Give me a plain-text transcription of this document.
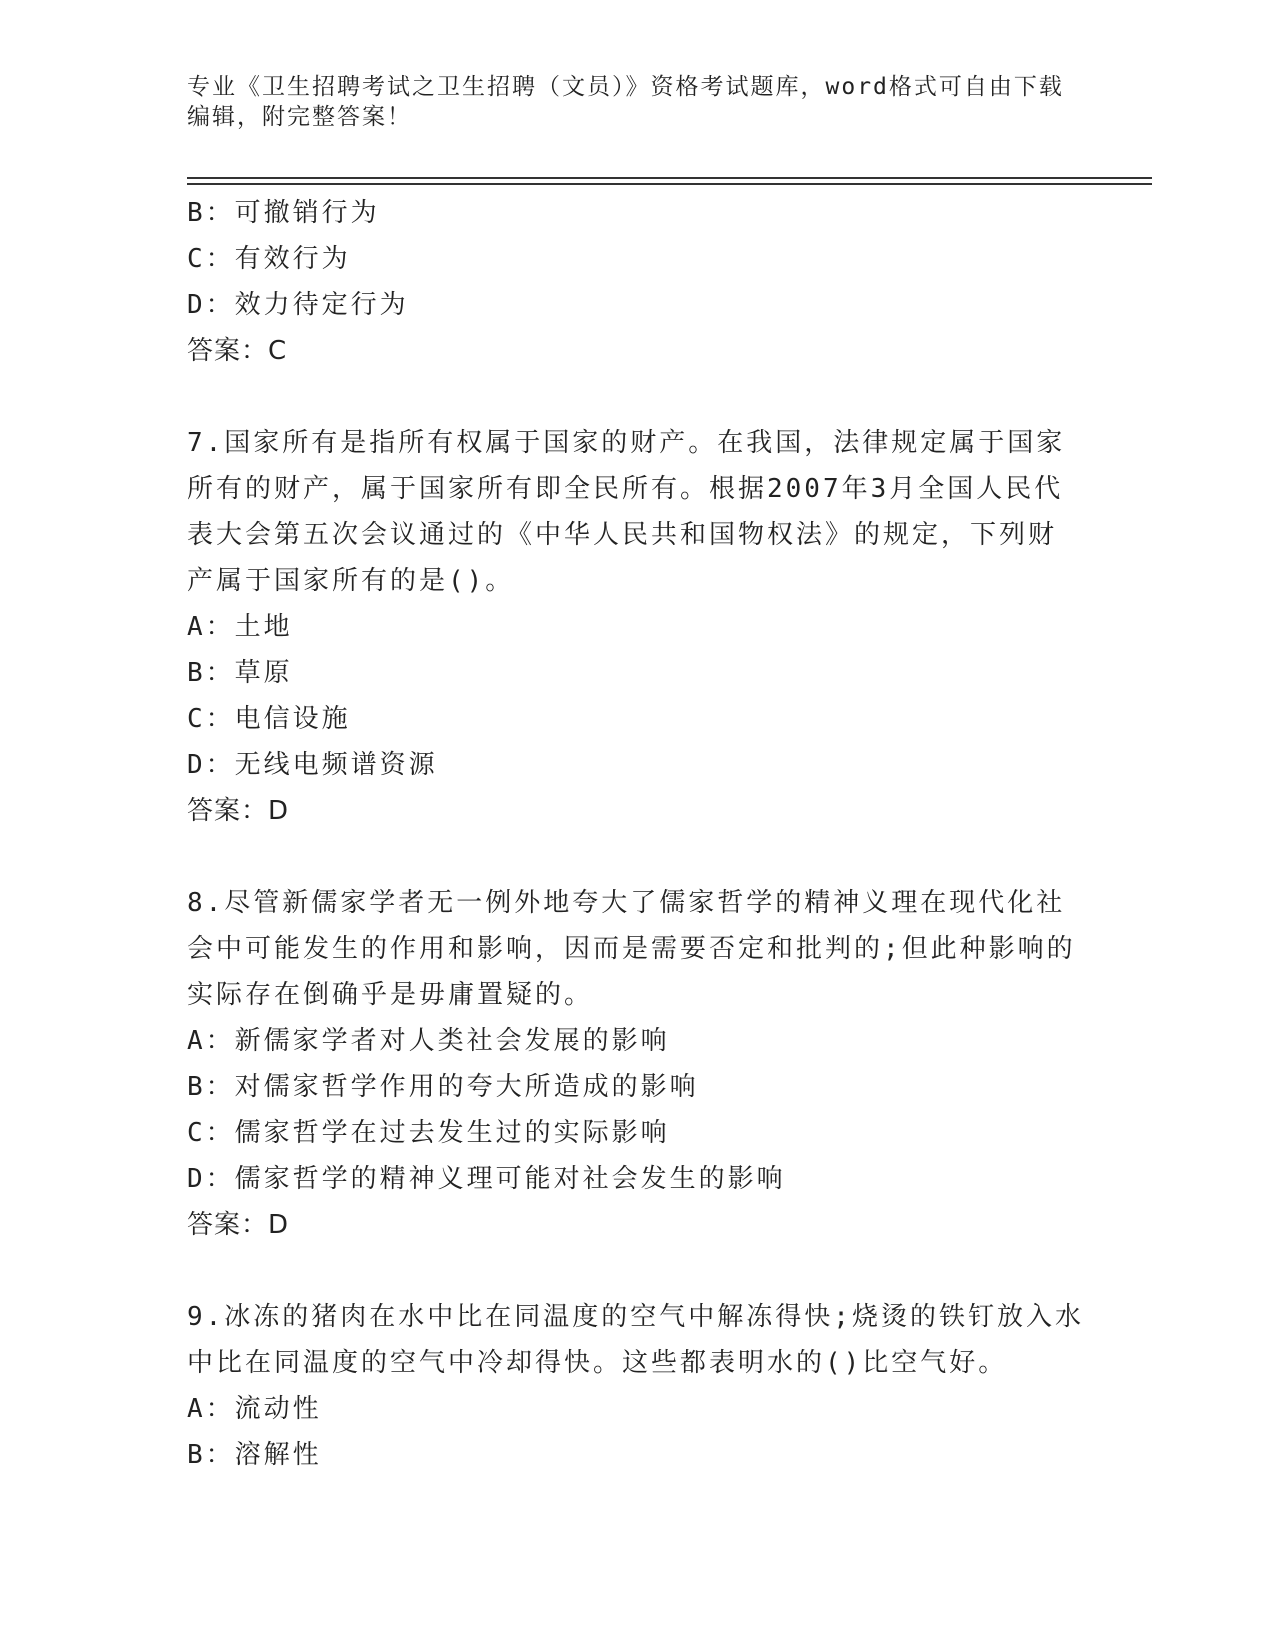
专业《卫生招聘考试之卫生招聘（文员）》资格考试题库，word格式可自由下载
编辑，附完整答案！
B：可撤销行为
C：有效行为
D：效力待定行为
答案：C
7.国家所有是指所有权属于国家的财产。在我国，法律规定属于国家
所有的财产，属于国家所有即全民所有。根据2007年3月全国人民代
表大会第五次会议通过的《中华人民共和国物权法》的规定，下列财
产属于国家所有的是()。
A：土地
B：草原
C：电信设施
D：无线电频谱资源
答案：D
8.尽管新儒家学者无一例外地夸大了儒家哲学的精神义理在现代化社
会中可能发生的作用和影响，因而是需要否定和批判的;但此种影响的
实际存在倒确乎是毋庸置疑的。
A：新儒家学者对人类社会发展的影响
B：对儒家哲学作用的夸大所造成的影响
C：儒家哲学在过去发生过的实际影响
D：儒家哲学的精神义理可能对社会发生的影响
答案：D
9.冰冻的猪肉在水中比在同温度的空气中解冻得快;烧烫的铁钉放入水
中比在同温度的空气中冷却得快。这些都表明水的()比空气好。
A：流动性
B：溶解性
